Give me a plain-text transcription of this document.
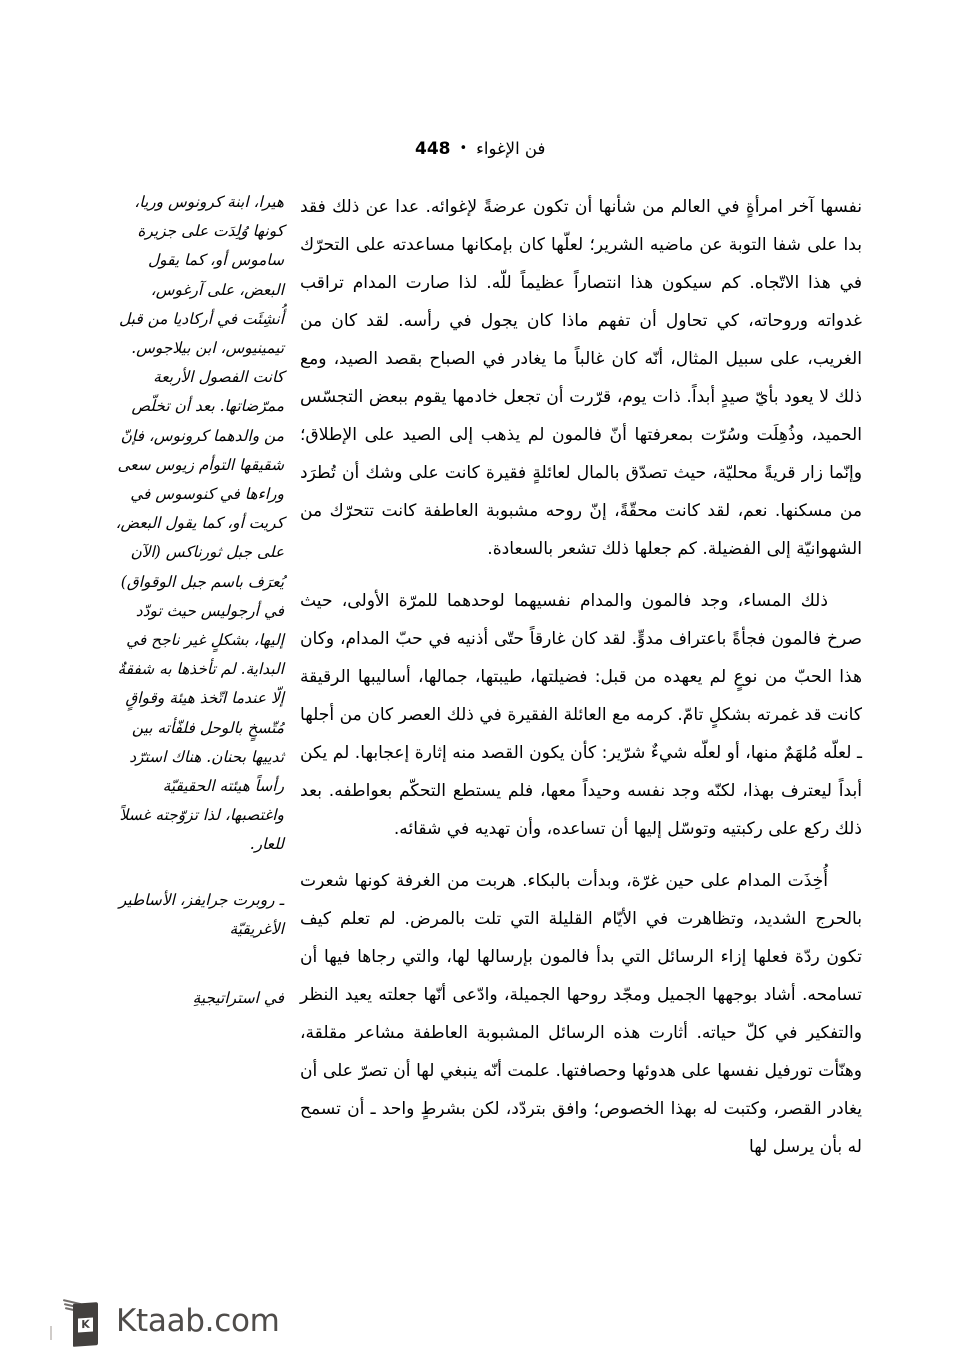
فن الإغواء•448

هيرا، ابنة كرونوس وريا، كونها وُلِدَت على جزيرة ساموس أو، كما يقول البعض، على آرغوس، أُنشِئَت في أركاديا من قبل تيمينيوس، ابن بيلاجوس. كانت الفصول الأربعة ممرّضاتها. بعد أن تخلّص من والدهما كرونوس، فإنّ شقيقها التوأم زيوس سعى وراءها في كنوسوس في كريت أو، كما يقول البعض، على جبل ثورناكس (الآن يُعرَف باسم جبل الوقواق) في أرجوليس حيث تودّد إليها، بشكلٍ غير ناجح في البداية. لم تأخذها به شفقةٌ إلّا عندما اتّخذ هيئة وقواقٍ مُتّسخٍ بالوحل فلفّأته بين ثدييها بحنان. هناك استرّد رأساً هيئته الحقيقيّة واغتصبها، لذا تزوّجته غسلاً للعار.

ـ روبرت جرايفز، الأساطير الأغريقيّة

في استراتيجيةِ

نفسها آخر امرأةٍ في العالم من شأنها أن تكون عرضةً لإغوائه. عدا عن ذلك فقد بدا على شفا التوبة عن ماضيه الشرير؛ لعلّها كان بإمكانها مساعدته على التحرّك في هذا الاتّجاه. كم سيكون هذا انتصاراً عظيماً للّه. لذا صارت المدام تراقب غدواته وروحاته، كي تحاول أن تفهم ماذا كان يجول في رأسه. لقد كان من الغريب، على سبيل المثال، أنّه كان غالباً ما يغادر في الصباح بقصد الصيد، ومع ذلك لا يعود بأيّ صيدٍ أبداً. ذات يوم، قرّرت أن تجعل خادمها يقوم ببعض التجسّس الحميد، وذُهِلَت وسُرّت بمعرفتها أنّ فالمون لم يذهب إلى الصيد على الإطلاق؛ وإنّما زار قريةً محليّة، حيث تصدّق بالمال لعائلةٍ فقيرة كانت على وشك أن تُطرَد من مسكنها. نعم، لقد كانت محقّةً، إنّ روحه مشبوبة العاطفة كانت تتحرّك من الشهوانيّة إلى الفضيلة. كم جعلها ذلك تشعر بالسعادة.

ذلك المساء، وجد فالمون والمدام نفسيهما لوحدهما للمرّة الأولى، حيث صرخ فالمون فجأةً باعتراف مدوٍّ. لقد كان غارقاً حتّى أذنيه في حبّ المدام، وكان هذا الحبّ من نوعٍ لم يعهده من قبل: فضيلتها، طيبتها، جمالها، أساليبها الرقيقة كانت قد غمرته بشكلٍ تامّ. كرمه مع العائلة الفقيرة في ذلك العصر كان من أجلها ـ لعلّه مُلهَمٌ منها، أو لعلّه شيءٌ شرّير: كأن يكون القصد منه إثارة إعجابها. لم يكن أبداً ليعترف بهذا، لكنّه وجد نفسه وحيداً معها، فلم يستطع التحكّم بعواطفه. بعد ذلك ركع على ركبتيه وتوسّل إليها أن تساعده، وأن تهديه في شقائه.

أُخِذَت المدام على حين غرّة، وبدأت بالبكاء. هربت من الغرفة كونها شعرت بالحرج الشديد، وتظاهرت في الأيّام القليلة التي تلت بالمرض. لم تعلم كيف تكون ردّة فعلها إزاء الرسائل التي بدأ فالمون بإرسالها لها، والتي رجاها فيها أن تسامحه. أشاد بوجهها الجميل ومجّد روحها الجميلة، وادّعى أنّها جعلته يعيد النظر والتفكير في كلّ حياته. أثارت هذه الرسائل المشبوبة العاطفة مشاعر مقلقة، وهنّأت تورفيل نفسها على هدوئها وحصافتها. علمت أنّه ينبغي لها أن تصرّ على أن يغادر القصر، وكتبت له بهذا الخصوص؛ وافق بتردّد، لكن بشرطٍ واحد ـ أن تسمح له بأن يرسل لها

K Ktaab.com
